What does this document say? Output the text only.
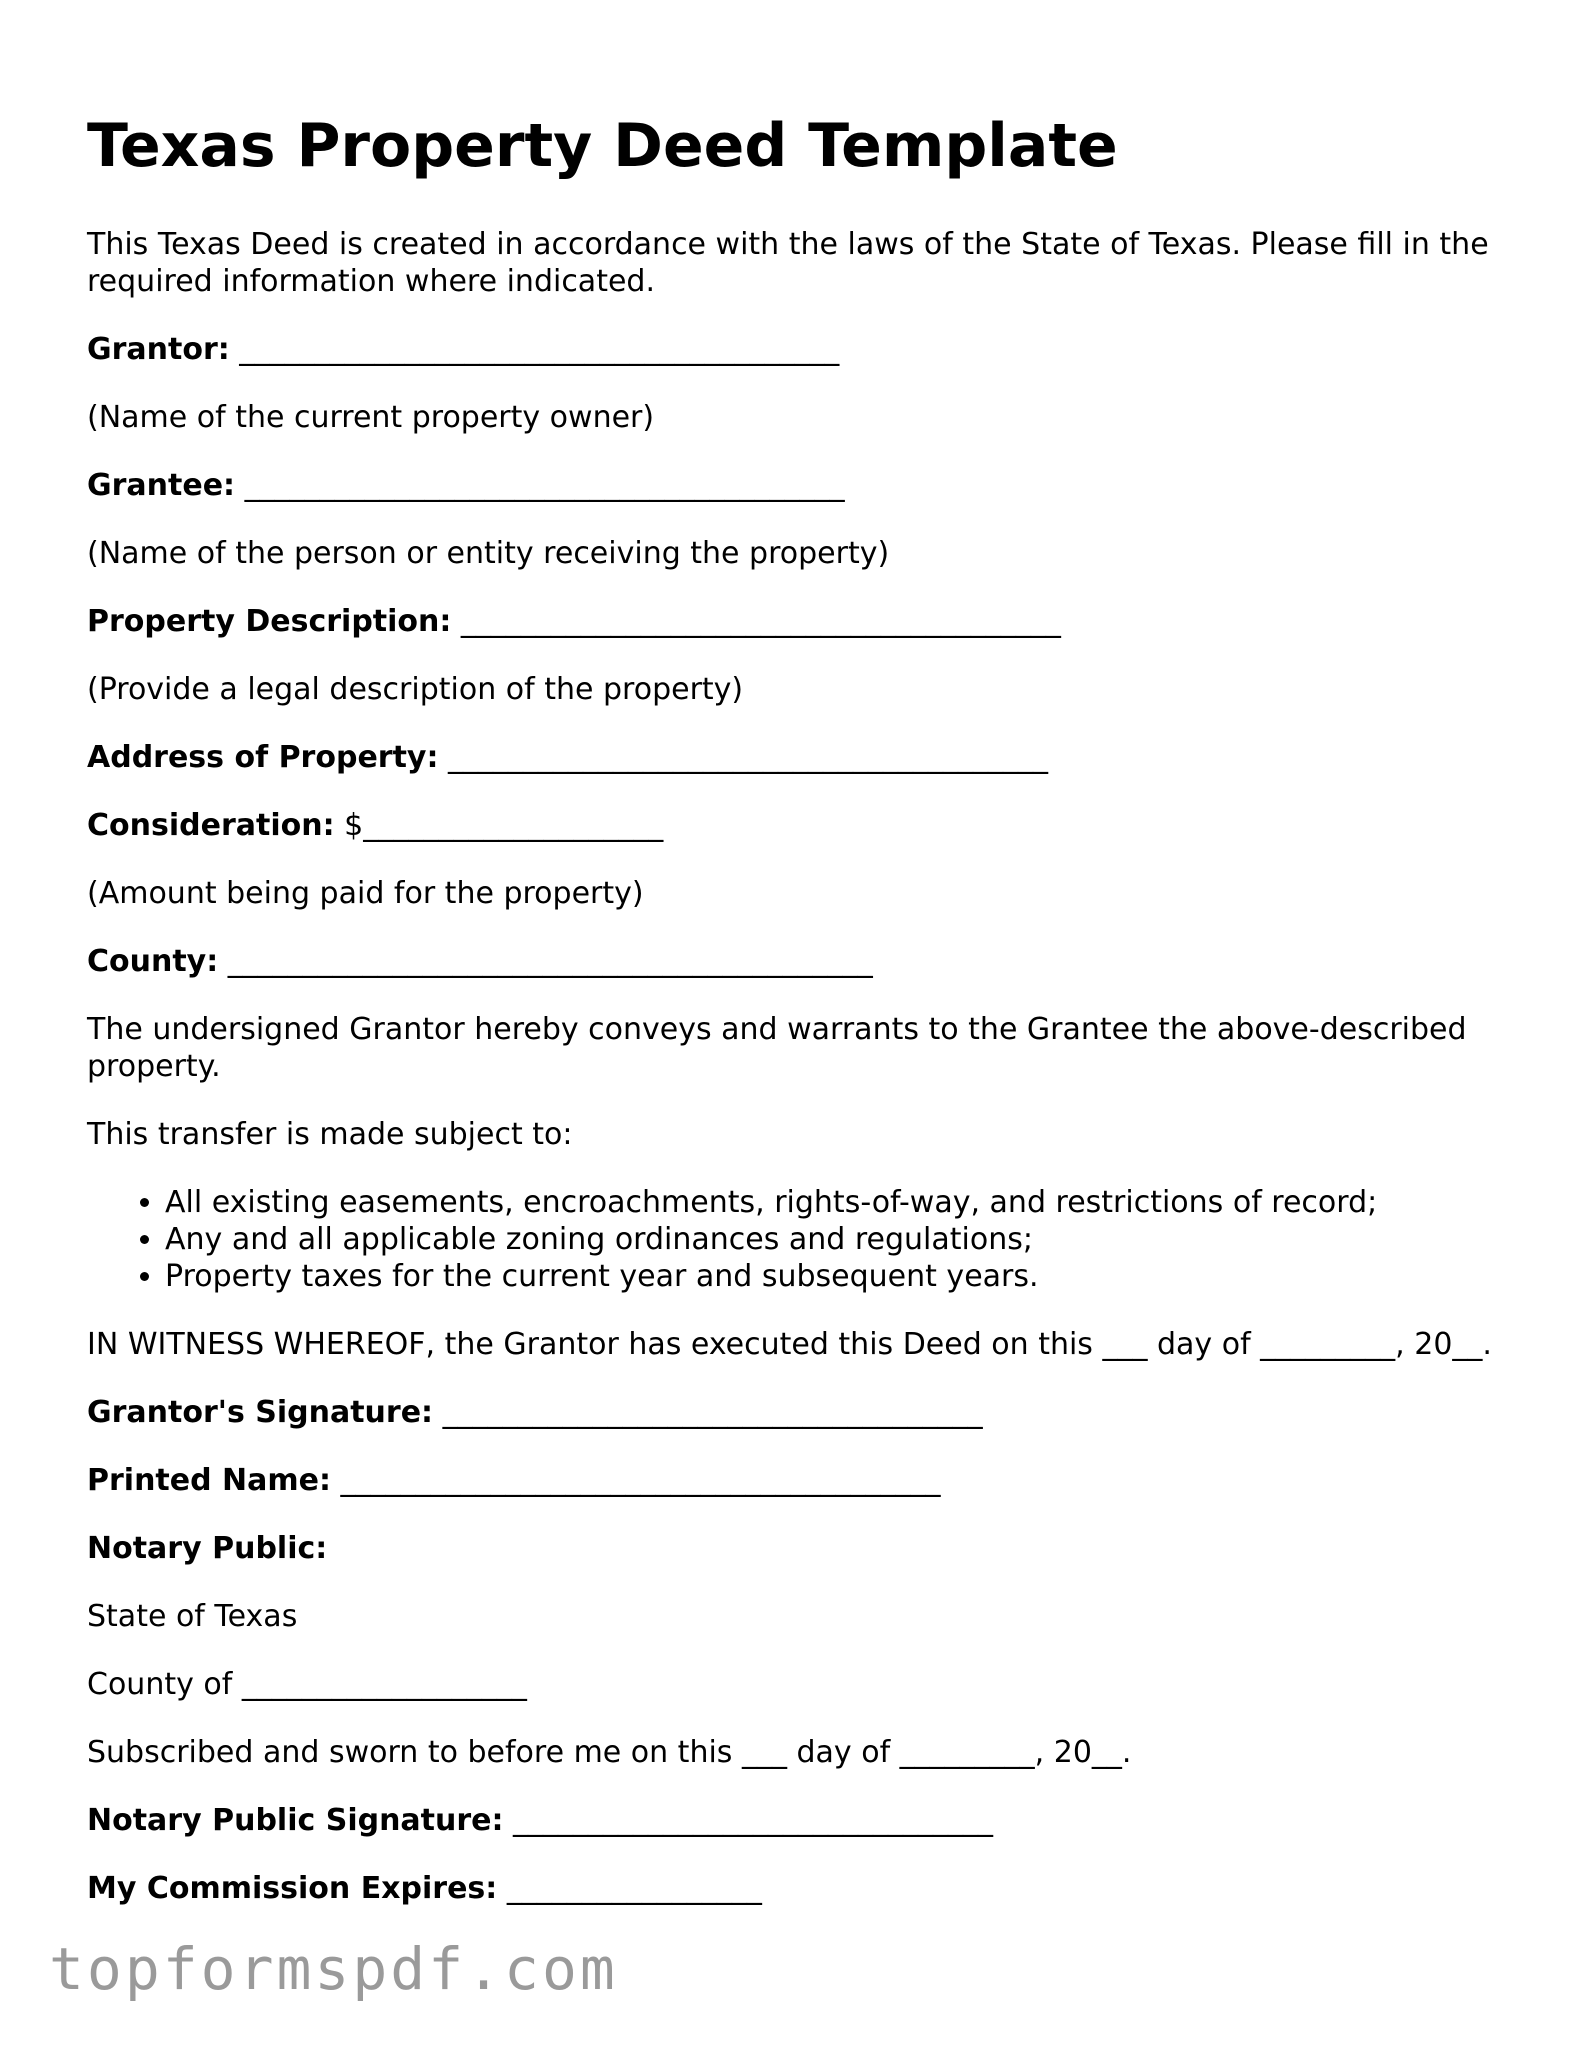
Texas Property Deed Template

This Texas Deed is created in accordance with the laws of the State of Texas. Please fill in the required information where indicated.

Grantor: ________________________________________

(Name of the current property owner)

Grantee: ________________________________________

(Name of the person or entity receiving the property)

Property Description: ________________________________________

(Provide a legal description of the property)

Address of Property: ________________________________________

Consideration: $____________________

(Amount being paid for the property)

County: ___________________________________________

The undersigned Grantor hereby conveys and warrants to the Grantee the above-described property.

This transfer is made subject to:

• All existing easements, encroachments, rights-of-way, and restrictions of record;
• Any and all applicable zoning ordinances and regulations;
• Property taxes for the current year and subsequent years.

IN WITNESS WHEREOF, the Grantor has executed this Deed on this ___ day of _________, 20__.

Grantor's Signature: ____________________________________

Printed Name: ________________________________________

Notary Public:

State of Texas

County of ___________________

Subscribed and sworn to before me on this ___ day of _________, 20__.

Notary Public Signature: ________________________________

My Commission Expires: _________________

topformspdf.com
